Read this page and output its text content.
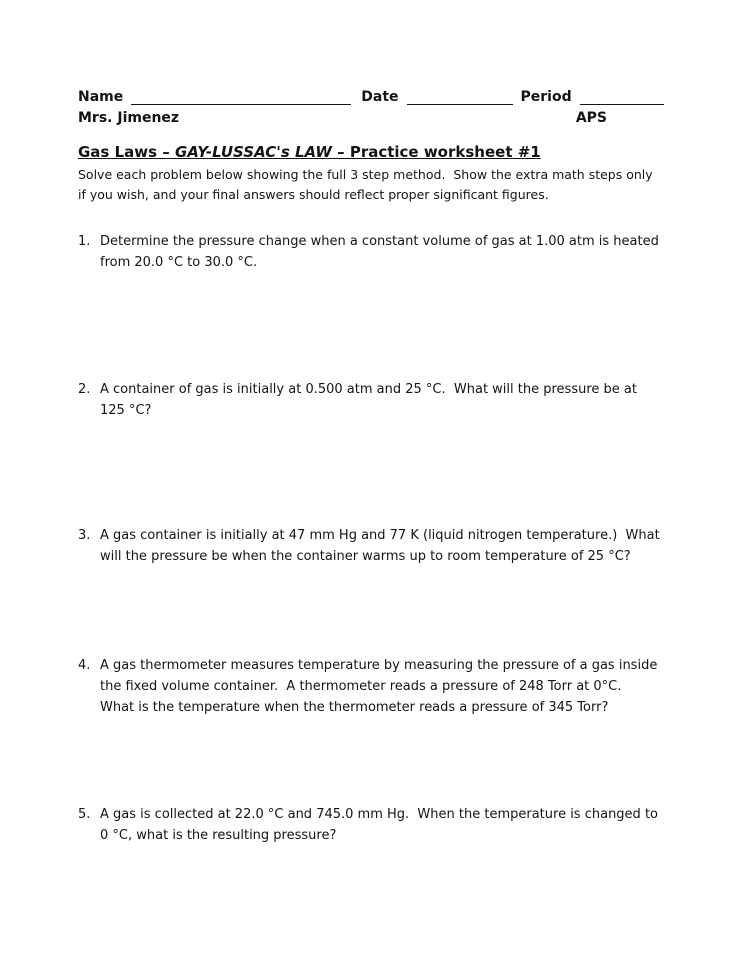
Name	Date	Period
Mrs. Jimenez	APS
Gas Laws – GAY-LUSSAC's LAW – Practice worksheet #1

Solve each problem below showing the full 3 step method.  Show the extra math steps only if you wish, and your final answers should reflect proper significant figures.

1. Determine the pressure change when a constant volume of gas at 1.00 atm is heated from 20.0 °C to 30.0 °C.
2. A container of gas is initially at 0.500 atm and 25 °C.  What will the pressure be at 125 °C?
3. A gas container is initially at 47 mm Hg and 77 K (liquid nitrogen temperature.)  What will the pressure be when the container warms up to room temperature of 25 °C?
4. A gas thermometer measures temperature by measuring the pressure of a gas inside the fixed volume container.  A thermometer reads a pressure of 248 Torr at 0°C.  What is the temperature when the thermometer reads a pressure of 345 Torr?
5. A gas is collected at 22.0 °C and 745.0 mm Hg.  When the temperature is changed to 0 °C, what is the resulting pressure?
